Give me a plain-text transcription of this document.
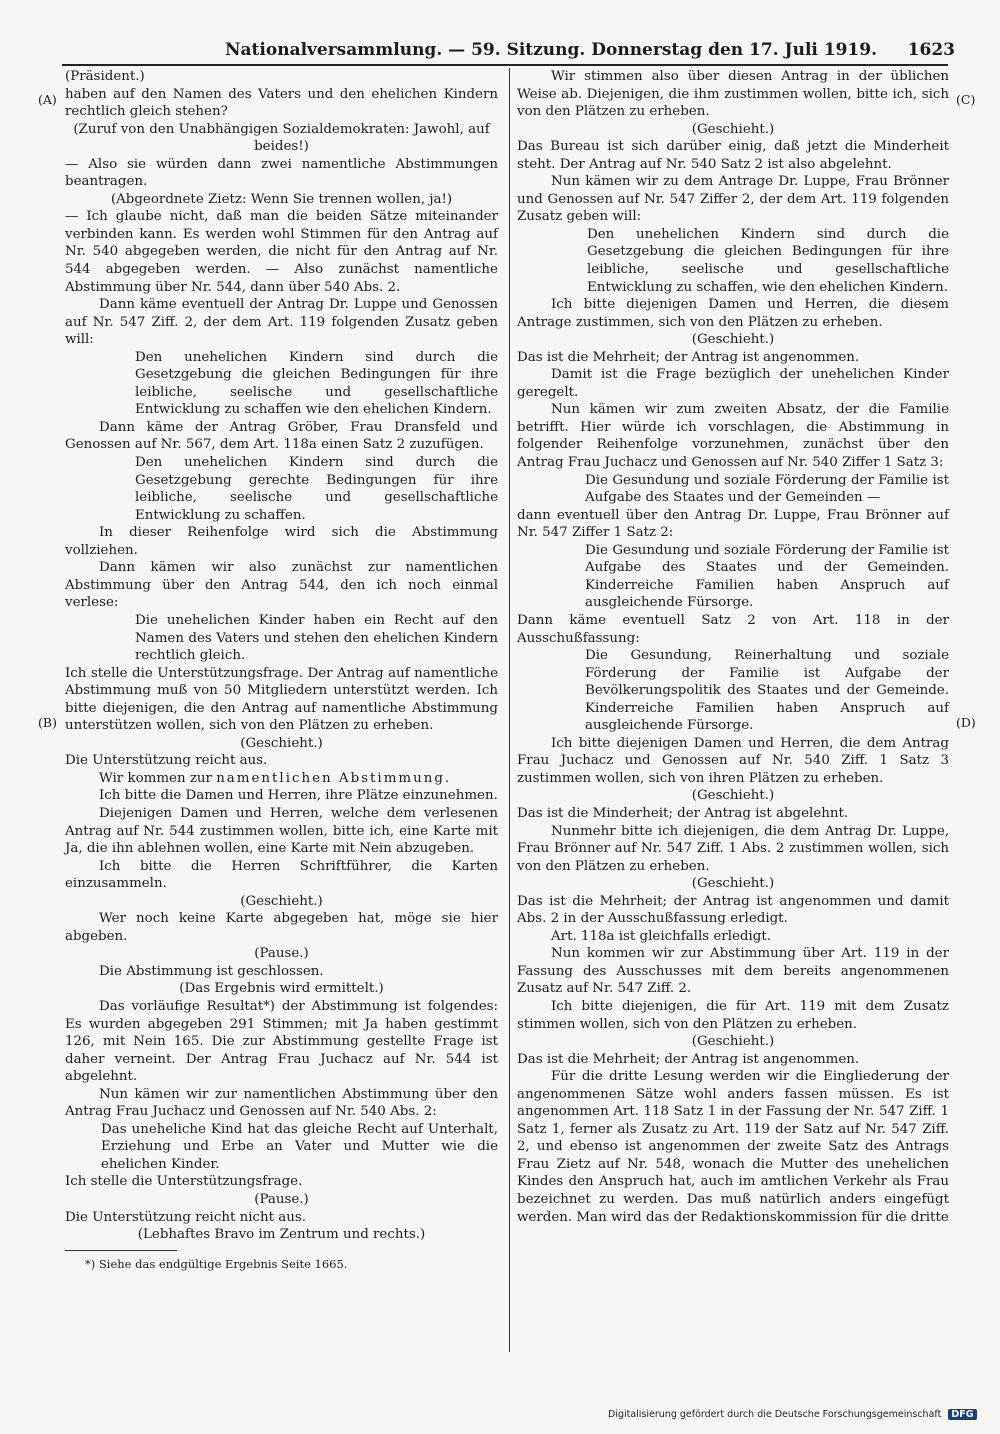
Nationalversammlung. — 59. Sitzung. Donnerstag den 17. Juli 1919. 1623
(A)
(B)
(C)
(D)

(Präsident.)

haben auf den Namen des Vaters und den ehelichen Kindern rechtlich gleich stehen?

(Zuruf von den Unabhängigen Sozialdemokraten: Jawohl, auf beides!)

— Also sie würden dann zwei namentliche Abstimmungen beantragen.

(Abgeordnete Zietz: Wenn Sie trennen wollen, ja!)

— Ich glaube nicht, daß man die beiden Sätze miteinander verbinden kann. Es werden wohl Stimmen für den Antrag auf Nr. 540 abgegeben werden, die nicht für den Antrag auf Nr. 544 abgegeben werden. — Also zunächst namentliche Abstimmung über Nr. 544, dann über 540 Abs. 2.

Dann käme eventuell der Antrag Dr. Luppe und Genossen auf Nr. 547 Ziff. 2, der dem Art. 119 folgenden Zusatz geben will:

Den unehelichen Kindern sind durch die Gesetzgebung die gleichen Bedingungen für ihre leibliche, seelische und gesellschaftliche Entwicklung zu schaffen wie den ehelichen Kindern.

Dann käme der Antrag Gröber, Frau Dransfeld und Genossen auf Nr. 567, dem Art. 118a einen Satz 2 zuzufügen.

Den unehelichen Kindern sind durch die Gesetzgebung gerechte Bedingungen für ihre leibliche, seelische und gesellschaftliche Entwicklung zu schaffen.

In dieser Reihenfolge wird sich die Abstimmung vollziehen.

Dann kämen wir also zunächst zur namentlichen Abstimmung über den Antrag 544, den ich noch einmal verlese:

Die unehelichen Kinder haben ein Recht auf den Namen des Vaters und stehen den ehelichen Kindern rechtlich gleich.

Ich stelle die Unterstützungsfrage. Der Antrag auf namentliche Abstimmung muß von 50 Mitgliedern unterstützt werden. Ich bitte diejenigen, die den Antrag auf namentliche Abstimmung unterstützen wollen, sich von den Plätzen zu erheben.

(Geschieht.)

Die Unterstützung reicht aus.

Wir kommen zur namentlichen Abstimmung.

Ich bitte die Damen und Herren, ihre Plätze einzunehmen.

Diejenigen Damen und Herren, welche dem verlesenen Antrag auf Nr. 544 zustimmen wollen, bitte ich, eine Karte mit Ja, die ihn ablehnen wollen, eine Karte mit Nein abzugeben.

Ich bitte die Herren Schriftführer, die Karten einzusammeln.

(Geschieht.)

Wer noch keine Karte abgegeben hat, möge sie hier abgeben.

(Pause.)

Die Abstimmung ist geschlossen.

(Das Ergebnis wird ermittelt.)

Das vorläufige Resultat*) der Abstimmung ist folgendes: Es wurden abgegeben 291 Stimmen; mit Ja haben gestimmt 126, mit Nein 165. Die zur Abstimmung gestellte Frage ist daher verneint. Der Antrag Frau Juchacz auf Nr. 544 ist abgelehnt.

Nun kämen wir zur namentlichen Abstimmung über den Antrag Frau Juchacz und Genossen auf Nr. 540 Abs. 2:

Das uneheliche Kind hat das gleiche Recht auf Unterhalt, Erziehung und Erbe an Vater und Mutter wie die ehelichen Kinder.

Ich stelle die Unterstützungsfrage.

(Pause.)

Die Unterstützung reicht nicht aus.

(Lebhaftes Bravo im Zentrum und rechts.)

*) Siehe das endgültige Ergebnis Seite 1665.

Wir stimmen also über diesen Antrag in der üblichen Weise ab. Diejenigen, die ihm zustimmen wollen, bitte ich, sich von den Plätzen zu erheben.

(Geschieht.)

Das Bureau ist sich darüber einig, daß jetzt die Minderheit steht. Der Antrag auf Nr. 540 Satz 2 ist also abgelehnt.

Nun kämen wir zu dem Antrage Dr. Luppe, Frau Brönner und Genossen auf Nr. 547 Ziffer 2, der dem Art. 119 folgenden Zusatz geben will:

Den unehelichen Kindern sind durch die Gesetzgebung die gleichen Bedingungen für ihre leibliche, seelische und gesellschaftliche Entwicklung zu schaffen, wie den ehelichen Kindern.

Ich bitte diejenigen Damen und Herren, die diesem Antrage zustimmen, sich von den Plätzen zu erheben.

(Geschieht.)

Das ist die Mehrheit; der Antrag ist angenommen.

Damit ist die Frage bezüglich der unehelichen Kinder geregelt.

Nun kämen wir zum zweiten Absatz, der die Familie betrifft. Hier würde ich vorschlagen, die Abstimmung in folgender Reihenfolge vorzunehmen, zunächst über den Antrag Frau Juchacz und Genossen auf Nr. 540 Ziffer 1 Satz 3:

Die Gesundung und soziale Förderung der Familie ist Aufgabe des Staates und der Gemeinden —

dann eventuell über den Antrag Dr. Luppe, Frau Brönner auf Nr. 547 Ziffer 1 Satz 2:

Die Gesundung und soziale Förderung der Familie ist Aufgabe des Staates und der Gemeinden. Kinderreiche Familien haben Anspruch auf ausgleichende Fürsorge.

Dann käme eventuell Satz 2 von Art. 118 in der Ausschußfassung:

Die Gesundung, Reinerhaltung und soziale Förderung der Familie ist Aufgabe der Bevölkerungspolitik des Staates und der Gemeinde. Kinderreiche Familien haben Anspruch auf ausgleichende Fürsorge.

Ich bitte diejenigen Damen und Herren, die dem Antrag Frau Juchacz und Genossen auf Nr. 540 Ziff. 1 Satz 3 zustimmen wollen, sich von ihren Plätzen zu erheben.

(Geschieht.)

Das ist die Minderheit; der Antrag ist abgelehnt.

Nunmehr bitte ich diejenigen, die dem Antrag Dr. Luppe, Frau Brönner auf Nr. 547 Ziff. 1 Abs. 2 zustimmen wollen, sich von den Plätzen zu erheben.

(Geschieht.)

Das ist die Mehrheit; der Antrag ist angenommen und damit Abs. 2 in der Ausschußfassung erledigt.

Art. 118a ist gleichfalls erledigt.

Nun kommen wir zur Abstimmung über Art. 119 in der Fassung des Ausschusses mit dem bereits angenommenen Zusatz auf Nr. 547 Ziff. 2.

Ich bitte diejenigen, die für Art. 119 mit dem Zusatz stimmen wollen, sich von den Plätzen zu erheben.

(Geschieht.)

Das ist die Mehrheit; der Antrag ist angenommen.

Für die dritte Lesung werden wir die Eingliederung der angenommenen Sätze wohl anders fassen müssen. Es ist angenommen Art. 118 Satz 1 in der Fassung der Nr. 547 Ziff. 1 Satz 1, ferner als Zusatz zu Art. 119 der Satz auf Nr. 547 Ziff. 2, und ebenso ist angenommen der zweite Satz des Antrags Frau Zietz auf Nr. 548, wonach die Mutter des unehelichen Kindes den Anspruch hat, auch im amtlichen Verkehr als Frau bezeichnet zu werden. Das muß natürlich anders eingefügt werden. Man wird das der Redaktionskommission für die dritte

Digitalisierung gefördert durch die Deutsche Forschungsgemeinschaft DFG
